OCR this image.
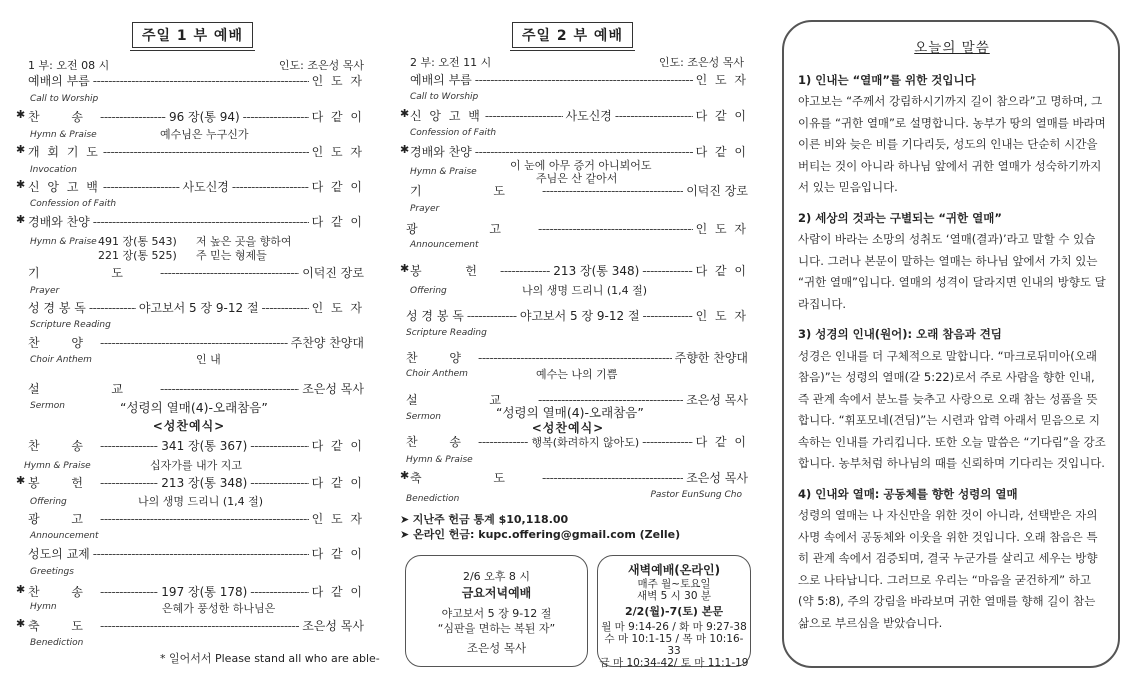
주일 1 부 예배
1 부: 오전 08 시	인도: 조은성 목사
예배의 부름 -----	인 도 자
Call to Worship
✱ 찬 송 -----	96 장(통 94) -----	다 같 이
Hymn & Praise	예수님은 누구신가
✱ 개 회 기 도 -----	인 도 자
Invocation
✱ 신 앙 고 백 -----	사도신경 -----	다 같 이
Confession of Faith
✱ 경배와 찬양 -----	다 같 이
Hymn & Praise 491 장(통 543) 저 높은 곳을 향하여
221 장(통 525) 주 믿는 형제들
기 도 -----	이덕진 장로
Prayer
성 경 봉 독 -----	야고보서 5 장 9-12 절 -----	인 도 자
Scripture Reading
찬 양 -----	주찬양 찬양대
Choir Anthem	인 내
설 교 -----	조은성 목사
Sermon	“성령의 열매(4)-오래참음”
<성찬예식>
찬 송 -----	341 장(통 367) -----	다 같 이
Hymn & Praise	십자가를 내가 지고
✱ 봉 헌 -----	213 장(통 348) -----	다 같 이
Offering	나의 생명 드리니 (1,4 절)
광 고 -----	인 도 자
Announcement
성도의 교제 -----	다 같 이
Greetings
✱ 찬 송 -----	197 장(통 178) -----	다 같 이
Hymn	은혜가 풍성한 하나님은
✱ 축 도 -----	조은성 목사
Benediction
* 일어서서 Please stand all who are able-
주일 2 부 예배
2 부: 오전 11 시	인도: 조은성 목사
예배의 부름 -----	인 도 자
Call to Worship
✱ 신 앙 고 백 -----	사도신경 -----	다 같 이
Confession of Faith
✱ 경배와 찬양 -----	다 같 이
이 눈에 아무 증거 아니뵈어도
Hymn & Praise	주님은 산 같아서
기 도 -----	이덕진 장로
Prayer
광 고 -----	인 도 자
Announcement
✱ 봉 헌 -----	213 장(통 348) -----	다 같 이
Offering	나의 생명 드리니 (1,4 절)
성 경 봉 독 -----	야고보서 5 장 9-12 절 -----	인 도 자
Scripture Reading
찬 양 -----	주향한 찬양대
Choir Anthem	예수는 나의 기쁨
설 교 -----	조은성 목사
“성령의 열매(4)-오래참음”
Sermon
<성찬예식>
찬 송 -----	행복(화려하지 않아도) -----	다 같 이
Hymn & Praise
✱ 축 도 -----	조은성 목사
Benediction	Pastor EunSung Cho
➤ 지난주 헌금 통계 $10,118.00
➤ 온라인 헌금: kupc.offering@gmail.com (Zelle)
2/6 오후 8 시
금요저녁예배
야고보서 5 장 9-12 절
“심판을 면하는 복된 자”
조은성 목사
새벽예배(온라인)
매주 월~토요일
새벽 5 시 30 분
2/2(월)-7(토) 본문
월 마 9:14-26 / 화 마 9:27-38
수 마 10:1-15 / 목 마 10:16-33
금 마 10:34-42/ 토 마 11:1-19
오늘의 말씀
1) 인내는 “열매”를 위한 것입니다

야고보는 “주께서 강림하시기까지 길이 참으라”고 명하며, 그 이유를 “귀한 열매”로 설명합니다. 농부가 땅의 열매를 바라며 이른 비와 늦은 비를 기다리듯, 성도의 인내는 단순히 시간을 버티는 것이 아니라 하나님 앞에서 귀한 열매가 성숙하기까지 서 있는 믿음입니다.

2) 세상의 것과는 구별되는 “귀한 열매”

사람이 바라는 소망의 성취도 ‘열매(결과)’라고 말할 수 있습니다. 그러나 본문이 말하는 열매는 하나님 앞에서 가치 있는 “귀한 열매”입니다. 열매의 성격이 달라지면 인내의 방향도 달라집니다.

3) 성경의 인내(원어): 오래 참음과 견딤

성경은 인내를 더 구체적으로 말합니다. “마크로뒤미아(오래 참음)”는 성령의 열매(갈 5:22)로서 주로 사람을 향한 인내, 즉 관계 속에서 분노를 늦추고 사랑으로 오래 참는 성품을 뜻합니다. “휘포모네(견딤)”는 시련과 압력 아래서 믿음으로 지속하는 인내를 가리킵니다. 또한 오늘 말씀은 “기다림”을 강조합니다. 농부처럼 하나님의 때를 신뢰하며 기다리는 것입니다.

4) 인내와 열매: 공동체를 향한 성령의 열매

성령의 열매는 나 자신만을 위한 것이 아니라, 선택받은 자의 사명 속에서 공동체와 이웃을 위한 것입니다. 오래 참음은 특히 관계 속에서 검증되며, 결국 누군가를 살리고 세우는 방향으로 나타납니다. 그러므로 우리는 “마음을 굳건하게” 하고(약 5:8), 주의 강림을 바라보며 귀한 열매를 향해 길이 참는 삶으로 부르심을 받았습니다.
